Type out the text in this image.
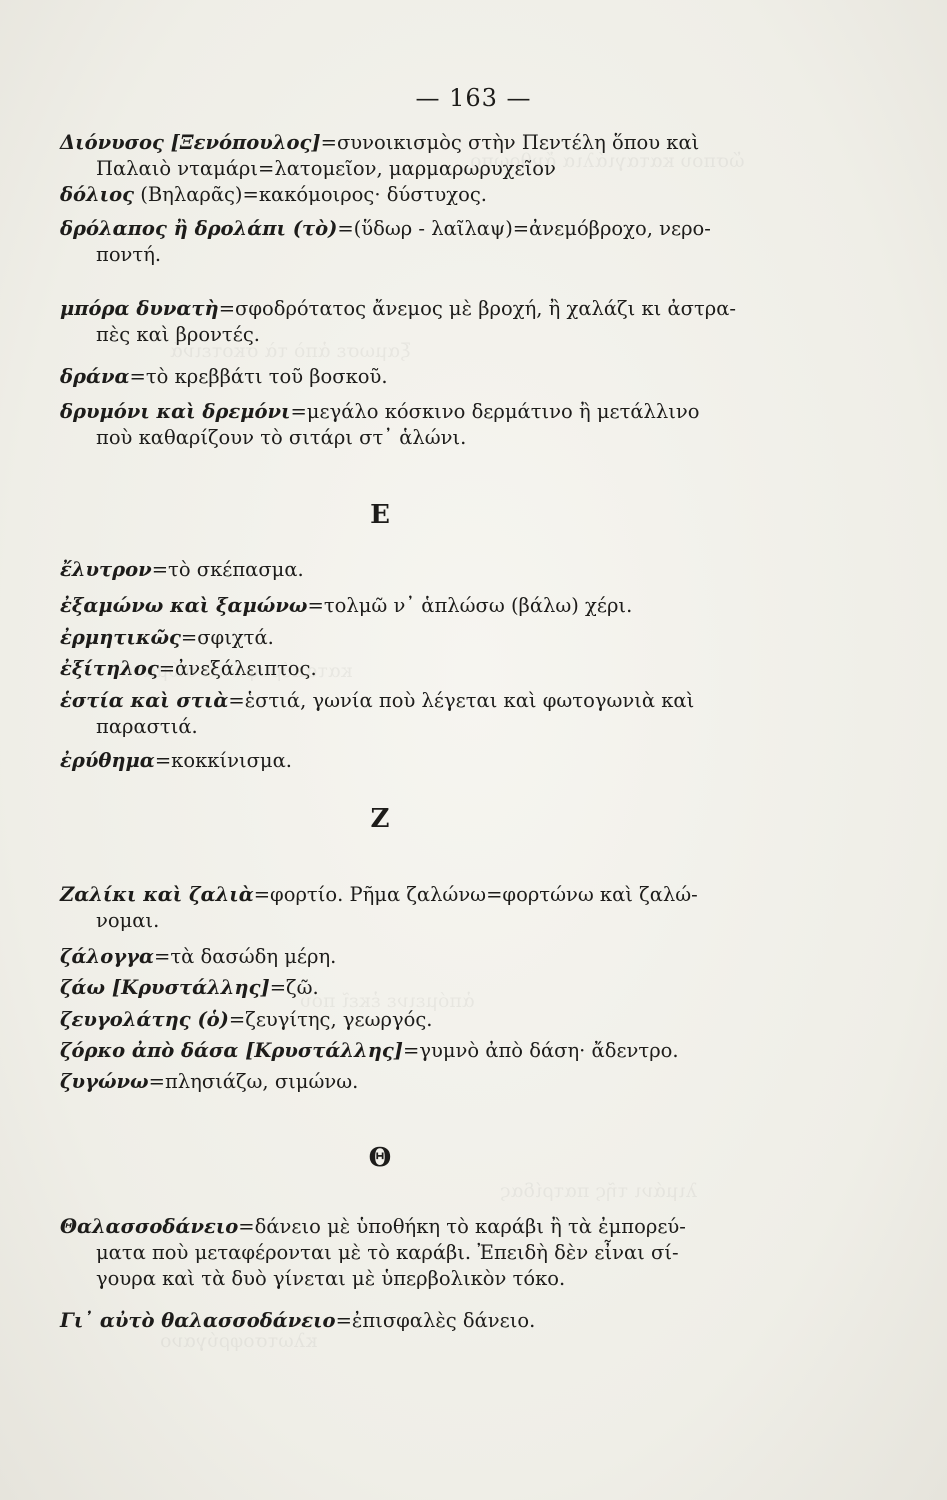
— 163 —
Διόνυσος [Ξενόπουλος]=συνοικισμὸς στὴν Πεντέλη ὅπου καὶ
Παλαιὸ νταμάρι=λατομεῖον, μαρμαρωρυχεῖον
δόλιος (Βηλαρᾶς)=κακόμοιρος· δύστυχος.
δρόλαπος ἢ δρολάπι (τὸ)=(ὕδωρ - λαῖλαψ)=ἀνεμόβροχο, νερο-
ποντή.
μπόρα δυνατὴ=σφοδρότατος ἄνεμος μὲ βροχή, ἢ χαλάζι κι ἀστρα-
πὲς καὶ βροντές.
δράνα=τὸ κρεββάτι τοῦ βοσκοῦ.
δρυμόνι καὶ δρεμόνι=μεγάλο κόσκινο δερμάτινο ἢ μετάλλινο
ποὺ καθαρίζουν τὸ σιτάρι στ᾽ ἁλώνι.
Ε
ἔλυτρον=τὸ σκέπασμα.
ἐξαμώνω καὶ ξαμώνω=τολμῶ ν᾽ ἁπλώσω (βάλω) χέρι.
ἐρμητικῶς=σφιχτά.
ἐξίτηλος=ἀνεξάλειπτος.
ἑστία καὶ στιὰ=ἑστιά, γωνία ποὺ λέγεται καὶ φωτογωνιὰ καὶ
παραστιά.
ἐρύθημα=κοκκίνισμα.
Ζ
Ζαλίκι καὶ ζαλιὰ=φορτίο. Ρῆμα ζαλώνω=φορτώνω καὶ ζαλώ-
νομαι.
ζάλογγα=τὰ δασώδη μέρη.
ζάω [Κρυστάλλης]=ζῶ.
ζευγολάτης (ὁ)=ζευγίτης, γεωργός.
ζόρκο ἀπὸ δάσα [Κρυστάλλης]=γυμνὸ ἀπὸ δάση· ἄδεντρο.
ζυγώνω=πλησιάζω, σιμώνω.
Θ
Θαλασσοδάνειο=δάνειο μὲ ὑποθήκη τὸ καράβι ἢ τὰ ἐμπορεύ-
ματα ποὺ μεταφέρονται μὲ τὸ καράβι. Ἐπειδὴ δὲν εἶναι σί-
γουρα καὶ τὰ δυὸ γίνεται μὲ ὑπερβολικὸν τόκο.
Γι᾽ αὐτὸ θαλασσοδάνειο=ἐπισφαλὲς δάνειο.
